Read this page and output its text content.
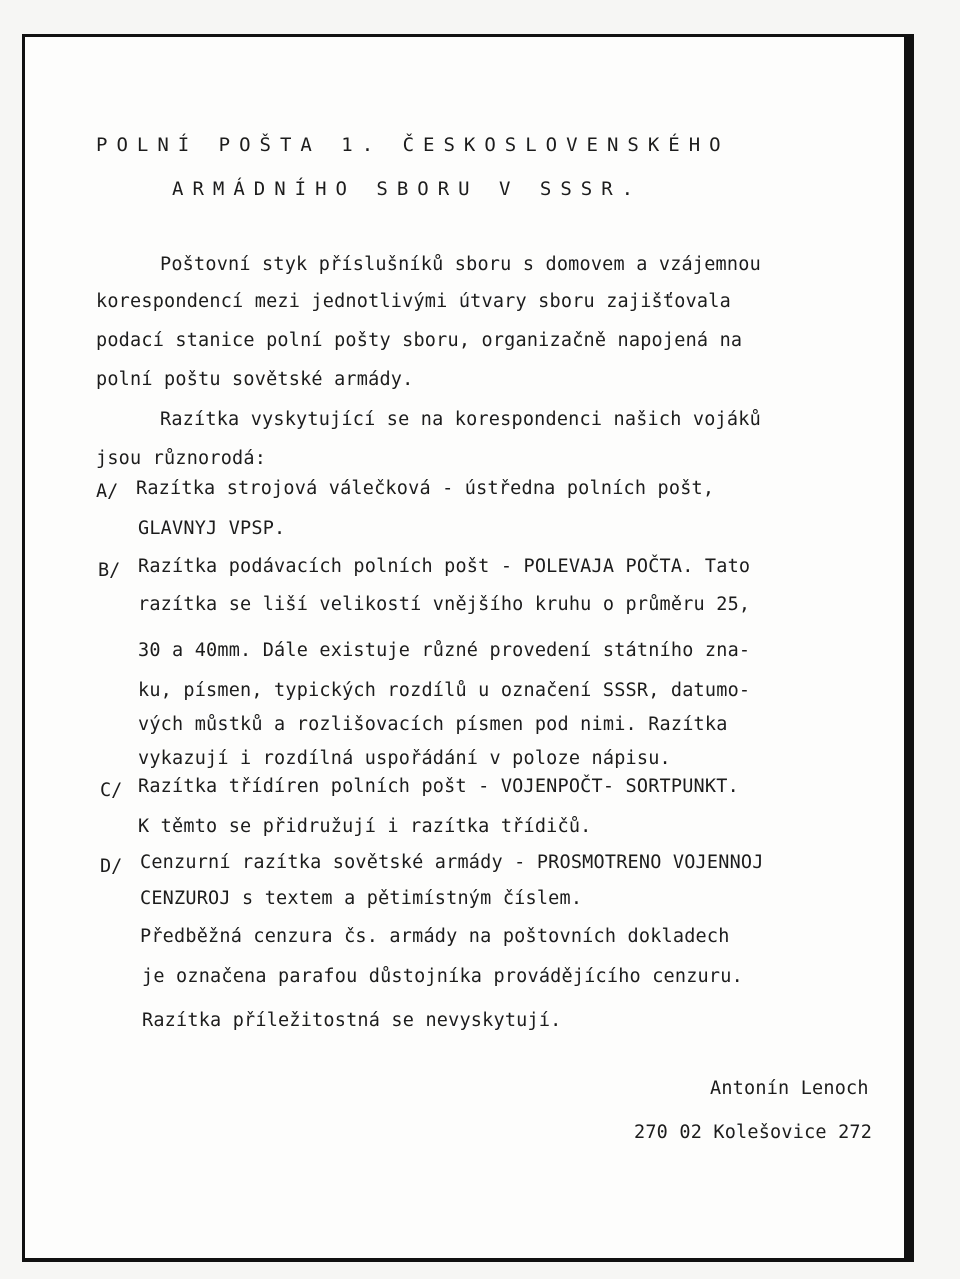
POLNÍ POŠTA 1. ČESKOSLOVENSKÉHO
ARMÁDNÍHO SBORU V SSSR.
Poštovní styk příslušníků sboru s domovem a vzájemnou
korespondencí mezi jednotlivými útvary sboru zajišťovala
podací stanice polní pošty sboru, organizačně napojená na
polní poštu sovětské armády.
Razítka vyskytující se na korespondenci našich vojáků
jsou různorodá:
A/ Razítka strojová válečková - ústředna polních pošt,
GLAVNYJ VPSP.
B/ Razítka podávacích polních pošt - POLEVAJA POČTA. Tato
razítka se liší velikostí vnějšího kruhu o průměru 25,
30 a 40mm. Dále existuje různé provedení státního zna-
ku, písmen, typických rozdílů u označení SSSR, datumo-
vých můstků a rozlišovacích písmen pod nimi. Razítka
vykazují i rozdílná uspořádání v poloze nápisu.
C/ Razítka třídíren polních pošt - VOJENPOČT- SORTPUNKT.
K těmto se přidružují i razítka třídičů.
D/ Cenzurní razítka sovětské armády - PROSMOTRENO VOJENNOJ
CENZUROJ s textem a pětimístným číslem.
Předběžná cenzura čs. armády na poštovních dokladech
je označena parafou důstojníka provádějícího cenzuru.
Razítka příležitostná se nevyskytují.
Antonín Lenoch
270 02 Kolešovice 272
